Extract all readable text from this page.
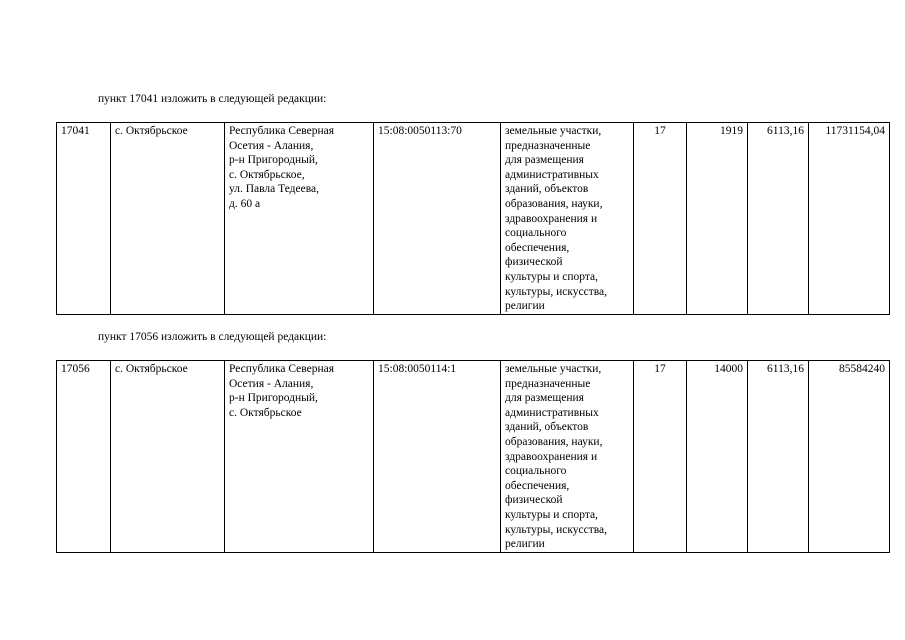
пункт 17041 изложить в следующей редакции:
17041	с. Октябрьское	Республика Северная
Осетия - Алания,
р-н Пригородный,
с. Октябрьское,
ул. Павла Тедеева,
д. 60 а
	15:08:0050113:70	земельные участки,
предназначенные
для размещения
административных
зданий, объектов
образования, науки,
здравоохранения и
социального
обеспечения,
физической
культуры и спорта,
культуры, искусства,
религии
	17	1919	6113,16	11731154,04
пункт 17056 изложить в следующей редакции:
17056	с. Октябрьское	Республика Северная
Осетия - Алания,
р-н Пригородный,
с. Октябрьское
	15:08:0050114:1	земельные участки,
предназначенные
для размещения
административных
зданий, объектов
образования, науки,
здравоохранения и
социального
обеспечения,
физической
культуры и спорта,
культуры, искусства,
религии
	17	14000	6113,16	85584240
